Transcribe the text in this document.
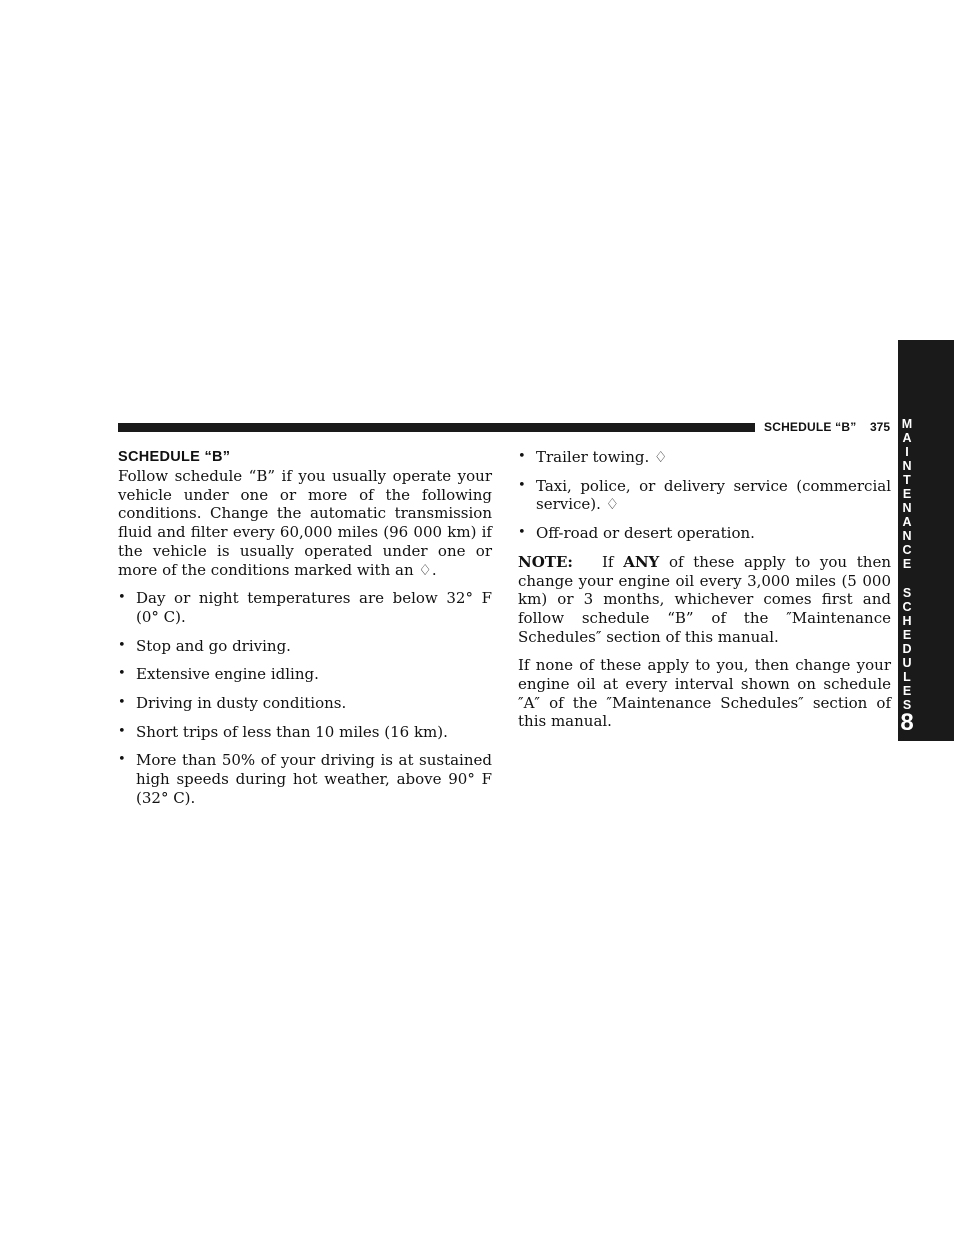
SCHEDULE “B” 375 M
A
I
N
T
E
N
A
N
C
E
S
C
H
E
D
U
L
E
S
8
SCHEDULE “B”

Follow schedule “B” if you usually operate your vehicle under one or more of the following conditions. Change the automatic transmission fluid and filter every 60,000 miles (96 000 km) if the vehicle is usually operated under one or more of the conditions marked with an ♢.

• Day or night temperatures are below 32° F (0° C).
• Stop and go driving.
• Extensive engine idling.
• Driving in dusty conditions.
• Short trips of less than 10 miles (16 km).
• More than 50% of your driving is at sustained high speeds during hot weather, above 90° F (32° C).
• Trailer towing. ♢
• Taxi, police, or delivery service (commercial service). ♢
• Off-road or desert operation.

NOTE: If ANY of these apply to you then change your engine oil every 3,000 miles (5 000 km) or 3 months, whichever comes first and follow schedule “B” of the ″Maintenance Schedules″ section of this manual.

If none of these apply to you, then change your engine oil at every interval shown on schedule ″A″ of the ″Maintenance Schedules″ section of this manual.
